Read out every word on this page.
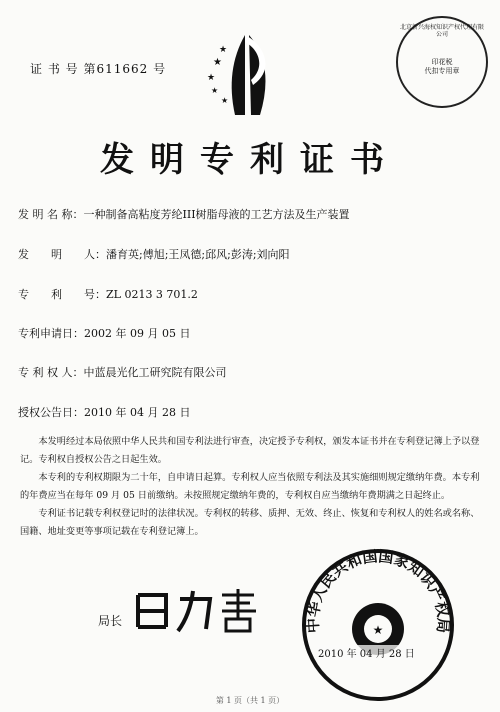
证 书 号 第611662 号	★
★
★
★
★
北京新兴海权知识产权代理有限公司
印花税
代扣专用章
发明专利证书
发 明 名 称：一种制备高粘度芳纶III树脂母液的工艺方法及生产装置
发　　明　　人：潘育英;傅旭;王凤德;邱风;彭涛;刘向阳
专　　利　　号：ZL 0213 3 701.2
专利申请日：2002 年 09 月 05 日
专 利 权 人：中蓝晨光化工研究院有限公司
授权公告日：2010 年 04 月 28 日

本发明经过本局依照中华人民共和国专利法进行审查，决定授予专利权，颁发本证书并在专利登记簿上予以登记。专利权自授权公告之日起生效。

本专利的专利权期限为二十年，自申请日起算。专利权人应当依照专利法及其实施细则规定缴纳年费。本专利的年费应当在每年 09 月 05 日前缴纳。未按照规定缴纳年费的，专利权自应当缴纳年费期满之日起终止。

专利证书记载专利权登记时的法律状况。专利权的转移、质押、无效、终止、恢复和专利权人的姓名或名称、国籍、地址变更等事项记载在专利登记簿上。

局长	中华人民共和国国家知识产权局
★
2010 年 04 月 28 日
第 1 页（共 1 页）
